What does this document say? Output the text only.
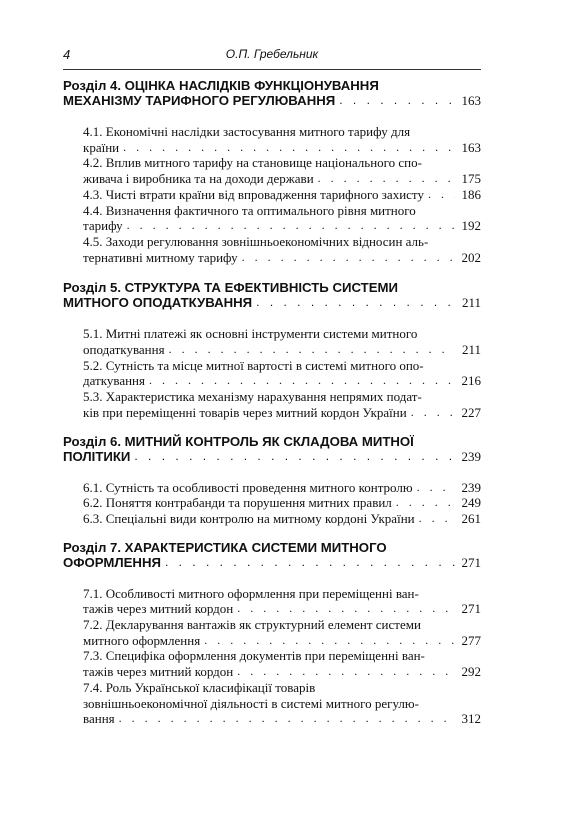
4	О.П. Гребельник
Розділ 4. ОЦІНКА НАСЛІДКІВ ФУНКЦІОНУВАННЯ
МЕХАНІЗМУ ТАРИФНОГО РЕГУЛЮВАННЯ . . .	163
4.1. Економічні наслідки застосування митного тарифу для
країни . . .	163
4.2. Вплив митного тарифу на становище національного спо-
живача і виробника та на доходи держави . . .	175
4.3. Чисті втрати країни від впровадження тарифного захисту . . .	186
4.4. Визначення фактичного та оптимального рівня митного
тарифу . . .	192
4.5. Заходи регулювання зовнішньоекономічних відносин аль-
тернативні митному тарифу . . .	202
Розділ 5. СТРУКТУРА ТА ЕФЕКТИВНІСТЬ СИСТЕМИ
МИТНОГО ОПОДАТКУВАННЯ . . .	211
5.1. Митні платежі як основні інструменти системи митного
оподаткування . . .	211
5.2. Сутність та місце митної вартості в системі митного опо-
даткування . . .	216
5.3. Характеристика механізму нарахування непрямих подат-
ків при переміщенні товарів через митний кордон України . . .	227
Розділ 6. МИТНИЙ КОНТРОЛЬ ЯК СКЛАДОВА МИТНОЇ
ПОЛІТИКИ . . .	239
6.1. Сутність та особливості проведення митного контролю . . .	239
6.2. Поняття контрабанди та порушення митних правил . . .	249
6.3. Спеціальні види контролю на митному кордоні України . . .	261
Розділ 7. ХАРАКТЕРИСТИКА СИСТЕМИ МИТНОГО
ОФОРМЛЕННЯ . . .	271
7.1. Особливості митного оформлення при переміщенні ван-
тажів через митний кордон . . .	271
7.2. Декларування вантажів як структурний елемент системи
митного оформлення . . .	277
7.3. Специфіка оформлення документів при переміщенні ван-
тажів через митний кордон . . .	292
7.4. Роль Української класифікації товарів
зовнішньоекономічної діяльності в системі митного регулю-
вання . . .	312
